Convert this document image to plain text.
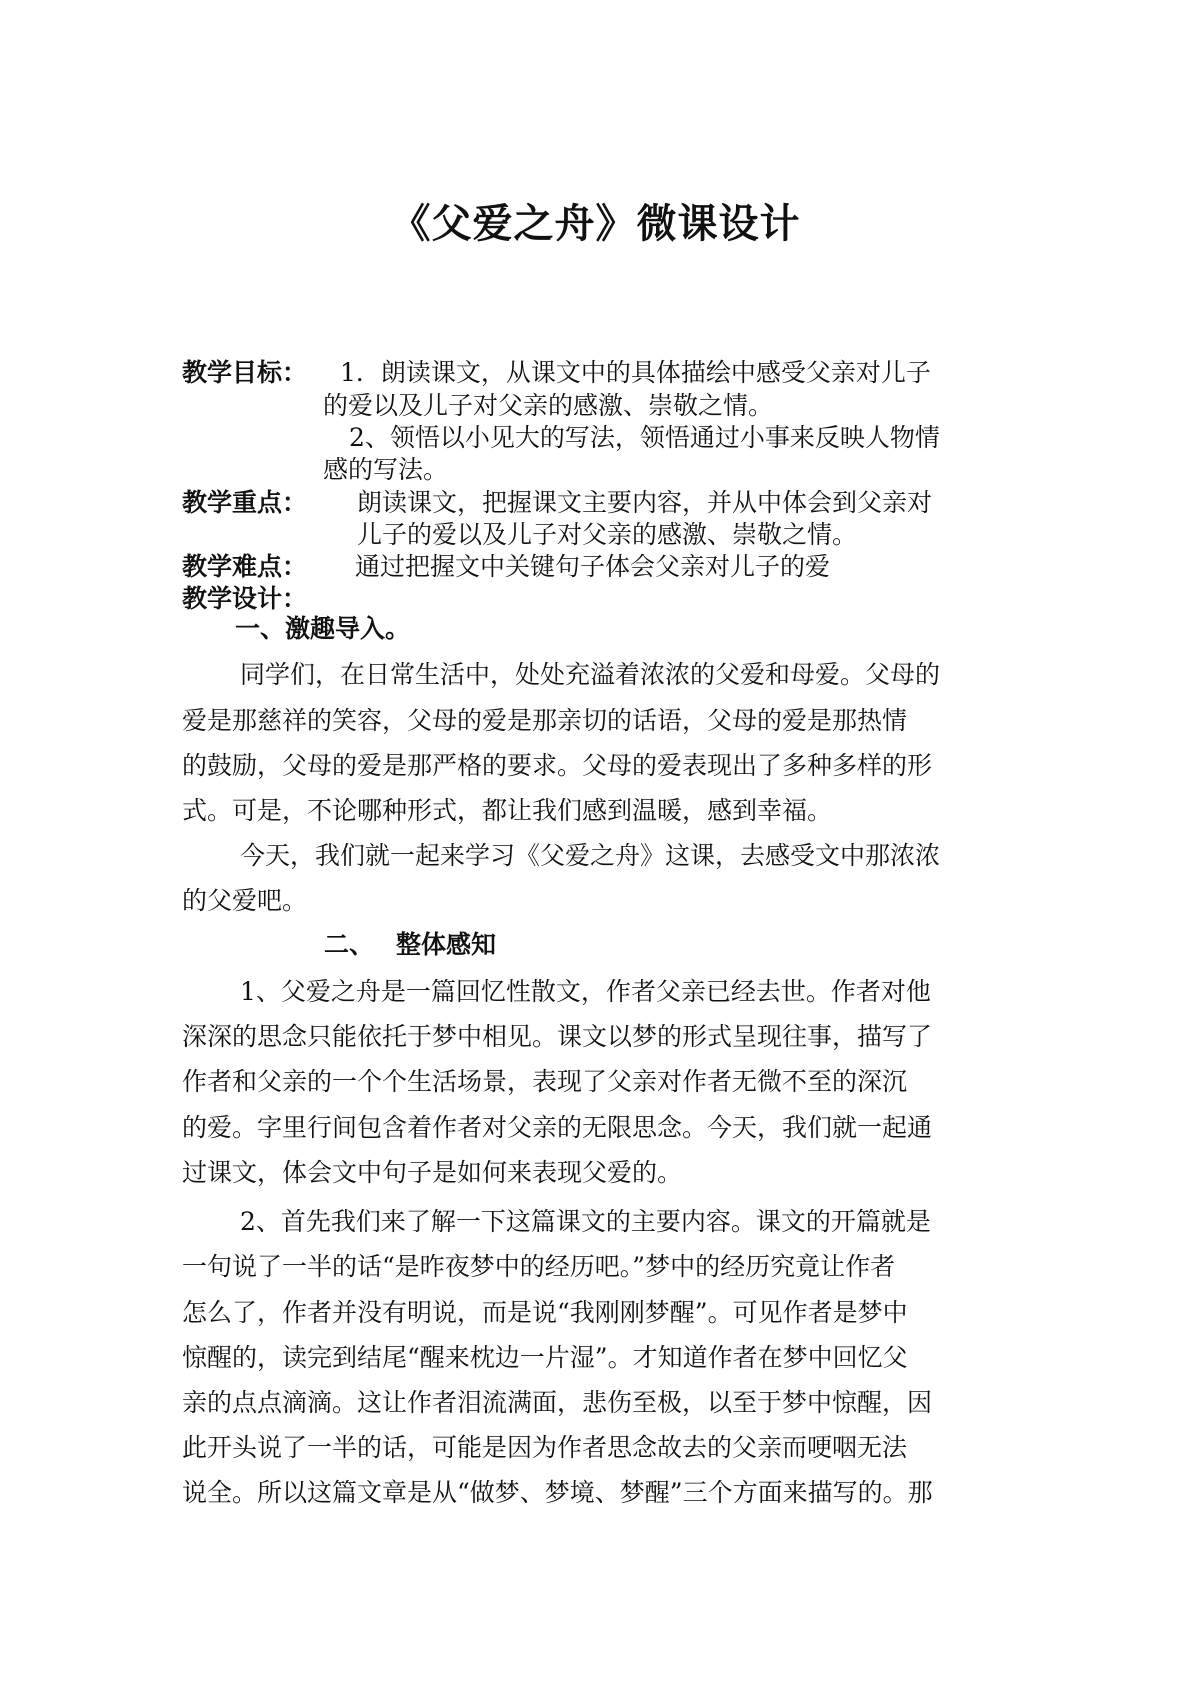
《父爱之舟》微课设计
教学目标： 1．朗读课文，从课文中的具体描绘中感受父亲对儿子
的爱以及儿子对父亲的感激、崇敬之情。
2、领悟以小见大的写法，领悟通过小事来反映人物情
感的写法。
教学重点： 朗读课文，把握课文主要内容，并从中体会到父亲对
儿子的爱以及儿子对父亲的感激、崇敬之情。
教学难点： 通过把握文中关键句子体会父亲对儿子的爱
教学设计：
一、激趣导入。
同学们，在日常生活中，处处充溢着浓浓的父爱和母爱。父母的
爱是那慈祥的笑容，父母的爱是那亲切的话语，父母的爱是那热情
的鼓励，父母的爱是那严格的要求。父母的爱表现出了多种多样的形
式。可是，不论哪种形式，都让我们感到温暖，感到幸福。
今天，我们就一起来学习《父爱之舟》这课，去感受文中那浓浓
的父爱吧。
二、 整体感知
1、父爱之舟是一篇回忆性散文，作者父亲已经去世。作者对他
深深的思念只能依托于梦中相见。课文以梦的形式呈现往事，描写了
作者和父亲的一个个生活场景，表现了父亲对作者无微不至的深沉
的爱。字里行间包含着作者对父亲的无限思念。今天，我们就一起通
过课文，体会文中句子是如何来表现父爱的。
2、首先我们来了解一下这篇课文的主要内容。课文的开篇就是
一句说了一半的话“是昨夜梦中的经历吧。”梦中的经历究竟让作者
怎么了，作者并没有明说，而是说“我刚刚梦醒”。可见作者是梦中
惊醒的，读完到结尾“醒来枕边一片湿”。才知道作者在梦中回忆父
亲的点点滴滴。这让作者泪流满面，悲伤至极，以至于梦中惊醒，因
此开头说了一半的话，可能是因为作者思念故去的父亲而哽咽无法
说全。所以这篇文章是从“做梦、梦境、梦醒”三个方面来描写的。那
